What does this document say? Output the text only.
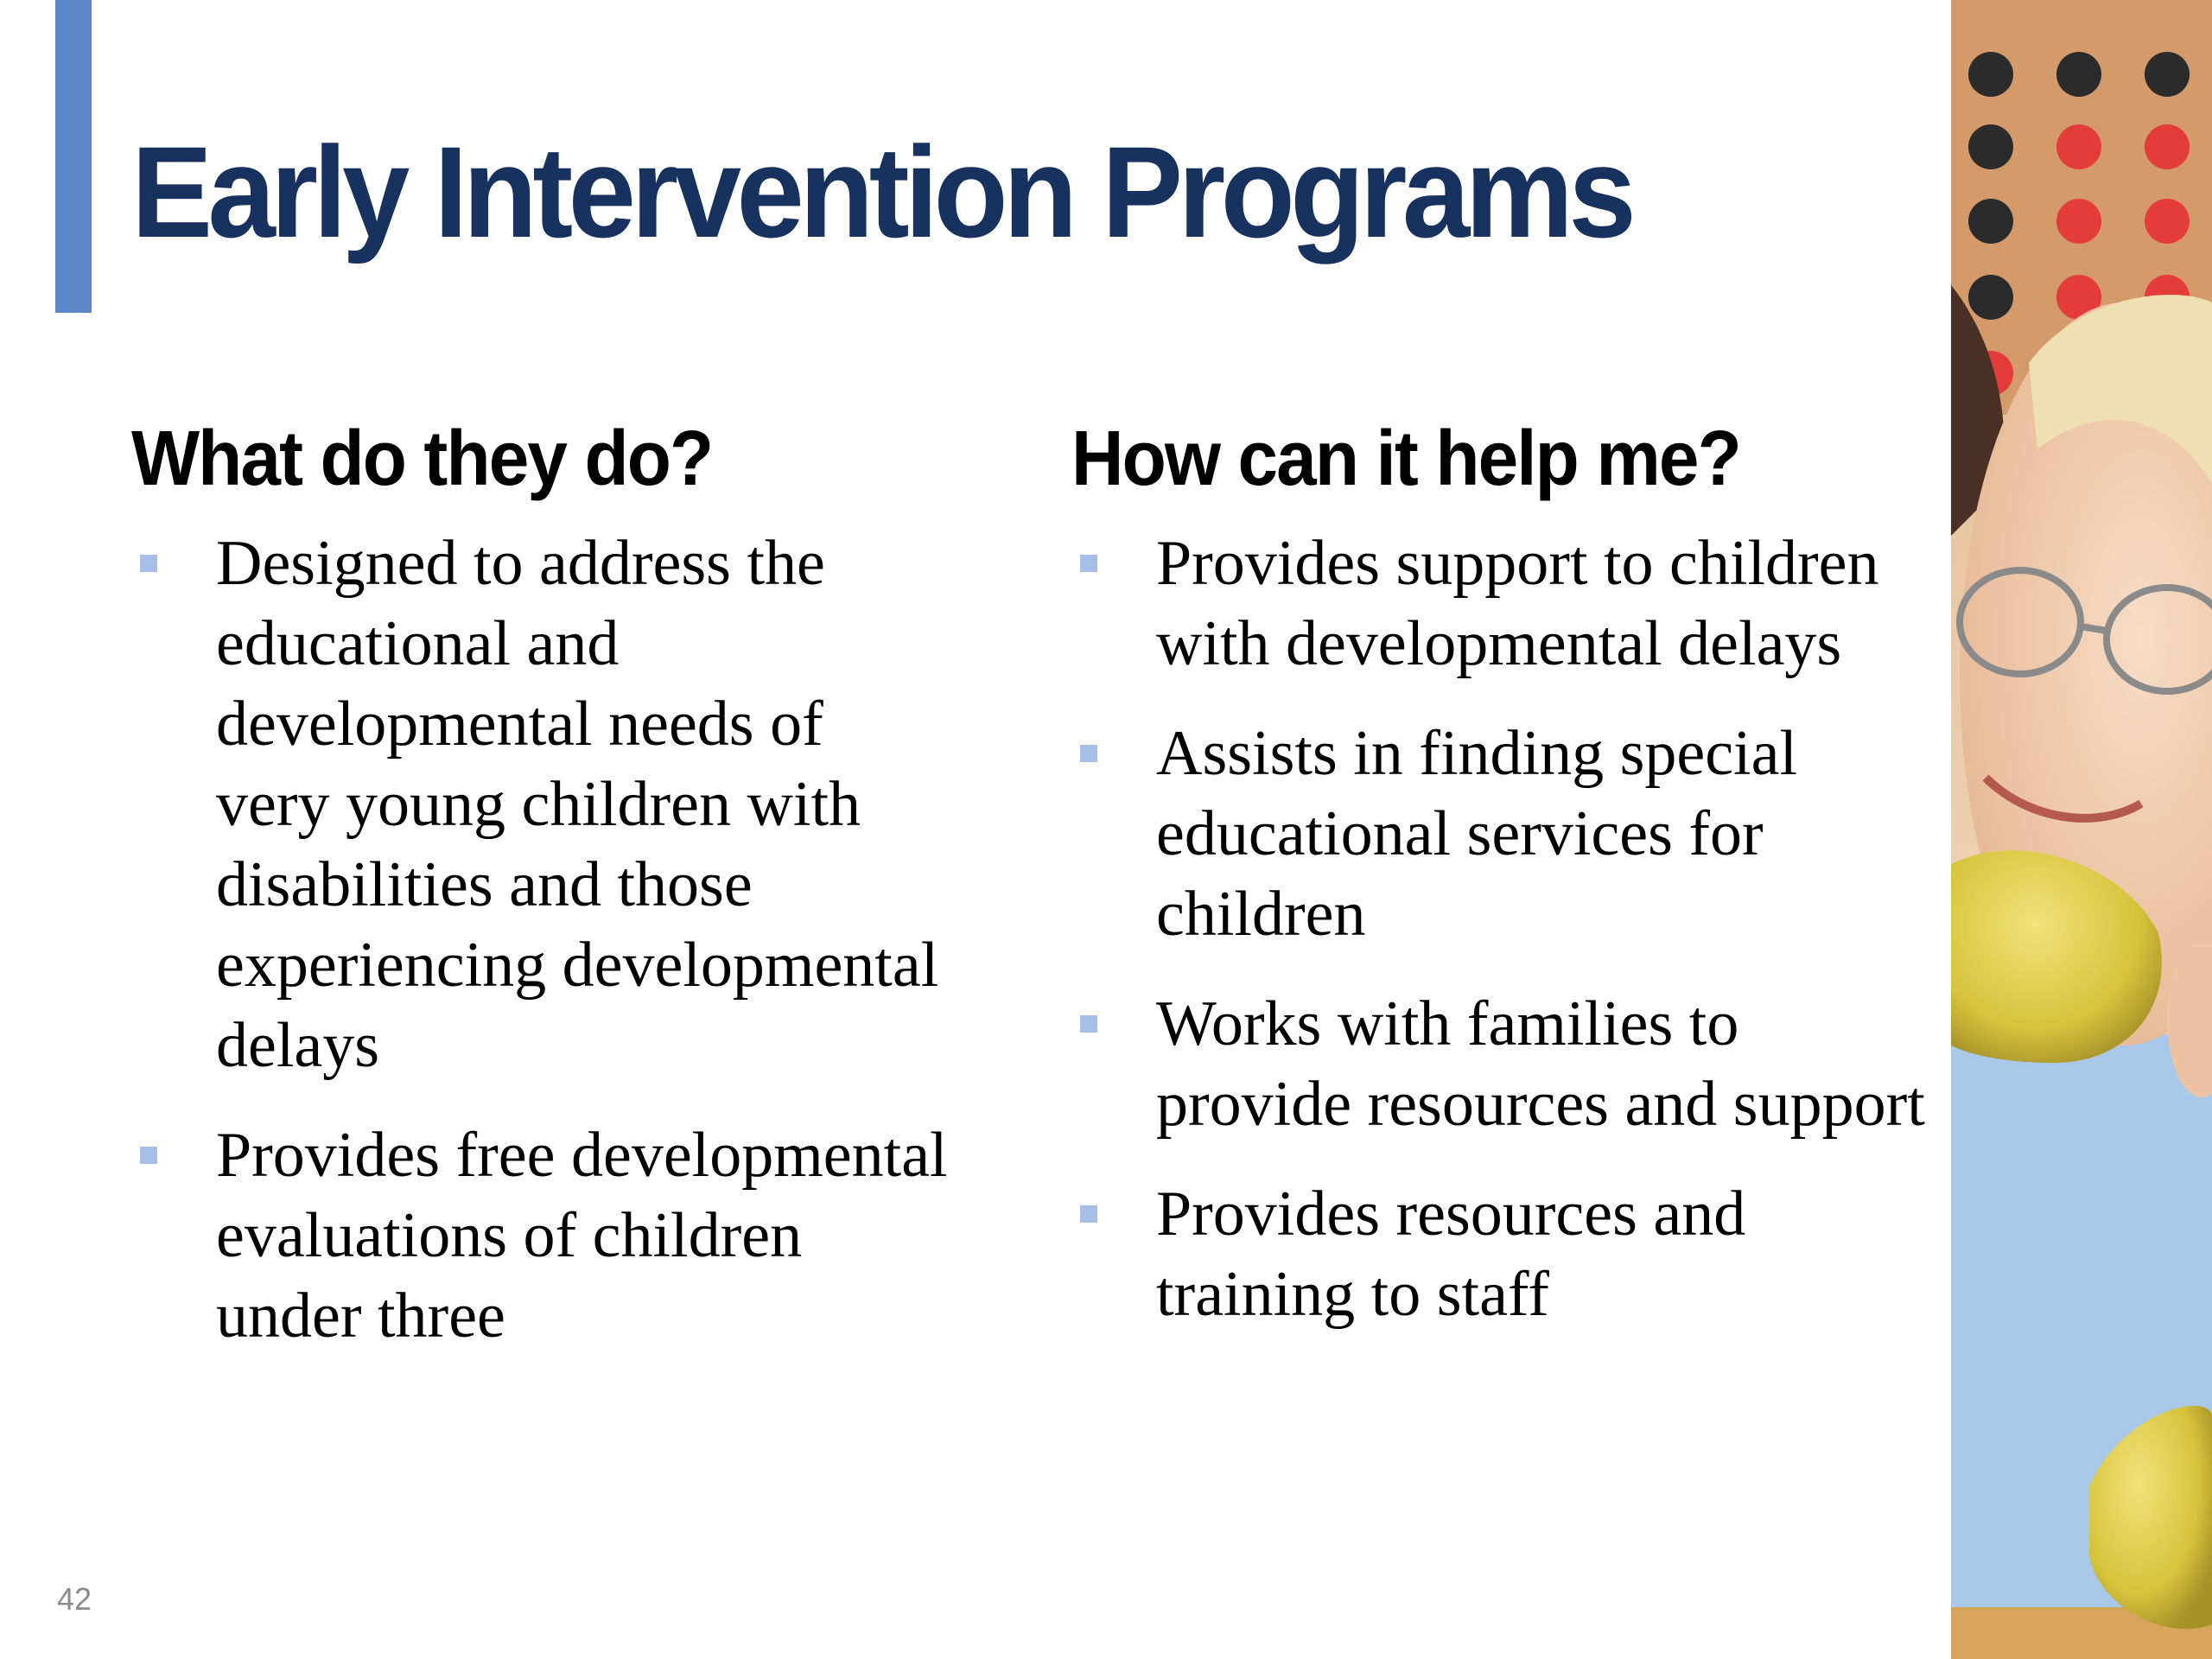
Early Intervention Programs
What do they do?
Designed to address the educational and developmental needs of very young children with disabilities and those experiencing developmental delays
Provides free developmental evaluations of children under three
How can it help me?
Provides support to children with developmental delays
Assists in finding special educational services for children
Works with families to provide resources and support
Provides resources and training to staff
42
